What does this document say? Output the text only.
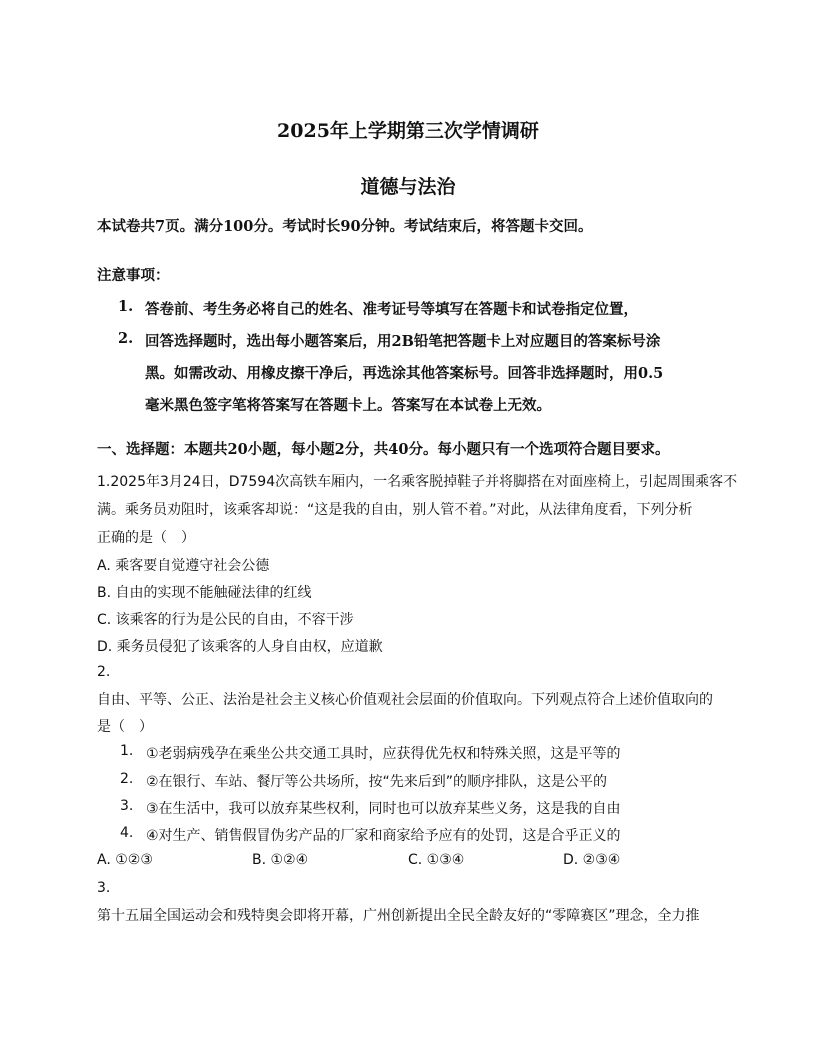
2025年上学期第三次学情调研
道德与法治
本试卷共7页。满分100分。考试时长90分钟。考试结束后，将答题卡交回。
注意事项：
1. 答卷前、考生务必将自己的姓名、准考证号等填写在答题卡和试卷指定位置，
2. 回答选择题时，选出每小题答案后，用2B铅笔把答题卡上对应题目的答案标号涂
黑。如需改动、用橡皮擦干净后，再选涂其他答案标号。回答非选择题时，用0.5
毫米黑色签字笔将答案写在答题卡上。答案写在本试卷上无效。
一、选择题：本题共20小题，每小题2分，共40分。每小题只有一个选项符合题目要求。
1.2025年3月24日，D7594次高铁车厢内，一名乘客脱掉鞋子并将脚搭在对面座椅上，引起周围乘客不
满。乘务员劝阻时，该乘客却说：“这是我的自由，别人管不着。”对此，从法律角度看，下列分析
正确的是（　）
A. 乘客要自觉遵守社会公德
B. 自由的实现不能触碰法律的红线
C. 该乘客的行为是公民的自由，不容干涉
D. 乘务员侵犯了该乘客的人身自由权，应道歉
2.
自由、平等、公正、法治是社会主义核心价值观社会层面的价值取向。下列观点符合上述价值取向的
是（　）
1. ①老弱病残孕在乘坐公共交通工具时，应获得优先权和特殊关照，这是平等的
2. ②在银行、车站、餐厅等公共场所，按“先来后到”的顺序排队，这是公平的
3. ③在生活中，我可以放弃某些权利，同时也可以放弃某些义务，这是我的自由
4. ④对生产、销售假冒伪劣产品的厂家和商家给予应有的处罚，这是合乎正义的
A. ①②③	B. ①②④	C. ①③④	D. ②③④
3.
第十五届全国运动会和残特奥会即将开幕，广州创新提出全民全龄友好的“零障赛区”理念，全力推
